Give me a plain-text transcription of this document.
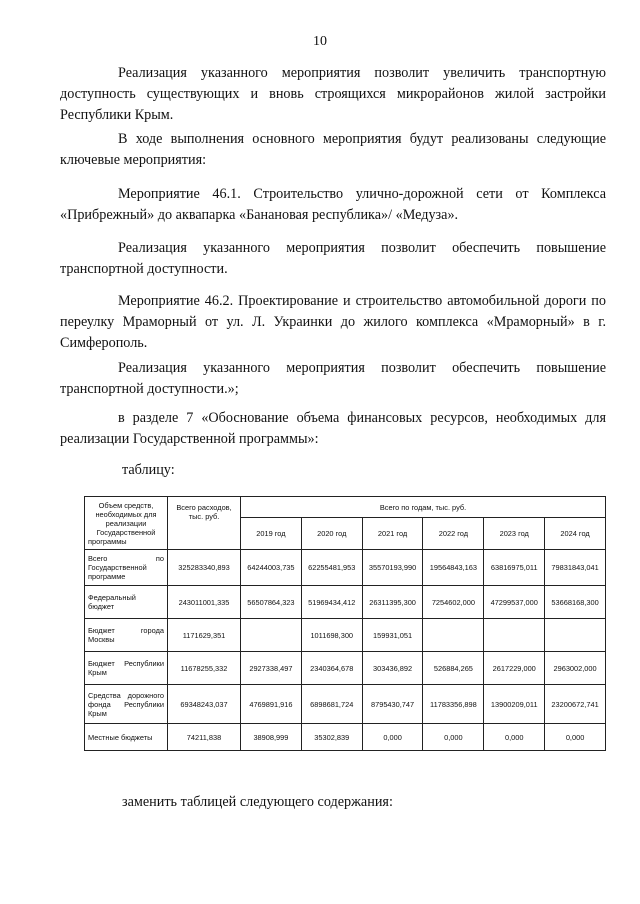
10
Реализация указанного мероприятия позволит увеличить транспортную доступность существующих и вновь строящихся микрорайонов жилой застройки Республики Крым.
В ходе выполнения основного мероприятия будут реализованы следующие ключевые мероприятия:
Мероприятие 46.1. Строительство улично-дорожной сети от Комплекса «Прибрежный» до аквапарка «Банановая республика»/ «Медуза».
Реализация указанного мероприятия позволит обеспечить повышение транспортной доступности.
Мероприятие 46.2. Проектирование и строительство автомобильной дороги по переулку Мраморный от ул. Л. Украинки до жилого комплекса «Мраморный» в г. Симферополь.
Реализация указанного мероприятия позволит обеспечить повышение транспортной доступности.»;
в разделе 7 «Обоснование объема финансовых ресурсов, необходимых для реализации Государственной программы»:
таблицу:
Объем средств, необходимых для реализации Государственной программы	Всего расходов, тыс. руб.	Всего по годам, тыс. руб.					
		2019 год	2020 год	2021 год	2022 год	2023 год	2024 год
Всего по Государственной программе	325283340,893	64244003,735	62255481,953	35570193,990	19564843,163	63816975,011	79831843,041
Федеральный бюджет	243011001,335	56507864,323	51969434,412	26311395,300	7254602,000	47299537,000	53668168,300
Бюджет города Москвы	1171629,351		1011698,300	159931,051			
Бюджет Республики Крым	11678255,332	2927338,497	2340364,678	303436,892	526884,265	2617229,000	2963002,000
Средства дорожного фонда Республики Крым	69348243,037	4769891,916	6898681,724	8795430,747	11783356,898	13900209,011	23200672,741
Местные бюджеты	74211,838	38908,999	35302,839	0,000	0,000	0,000	0,000
заменить таблицей следующего содержания:
